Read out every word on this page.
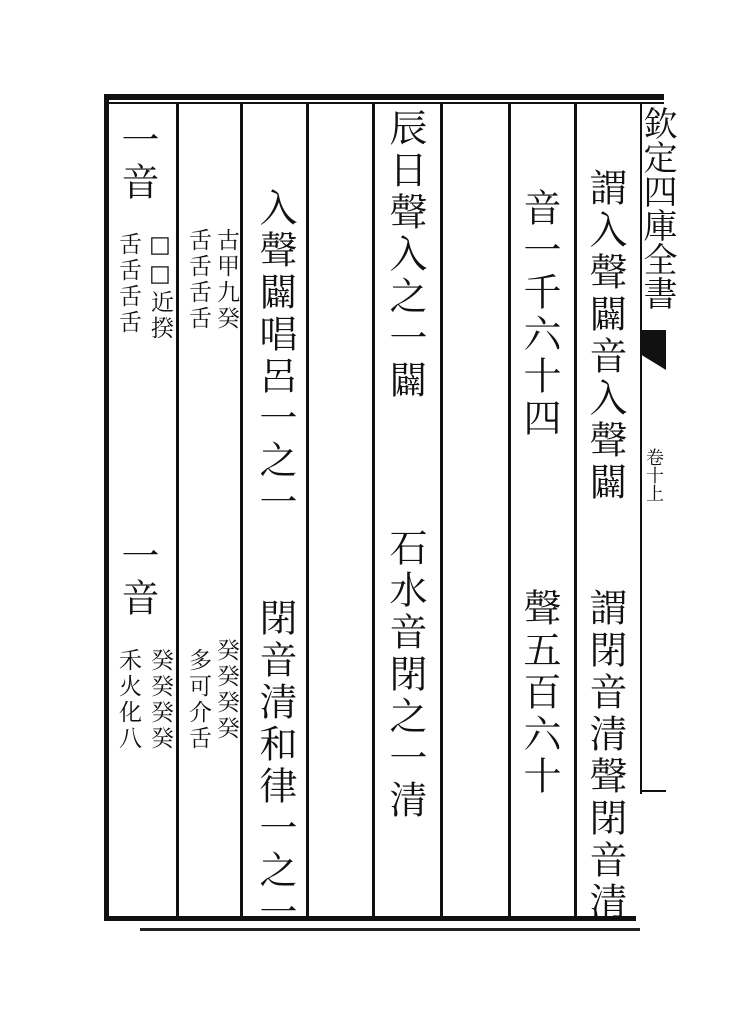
欽定四庫全書
卷十上
謂入聲闢音入聲闢
謂閉音清聲閉音清
音一千六十四
聲五百六十
辰日聲入之一闢
石水音閉之一清
入聲闢唱呂一之一
閉音清和律一之一
古甲九癸
癸癸癸癸
舌舌舌舌
多可介舌
□□近揆
舌舌舌舌
癸癸癸癸
禾火化八
一音
一音
